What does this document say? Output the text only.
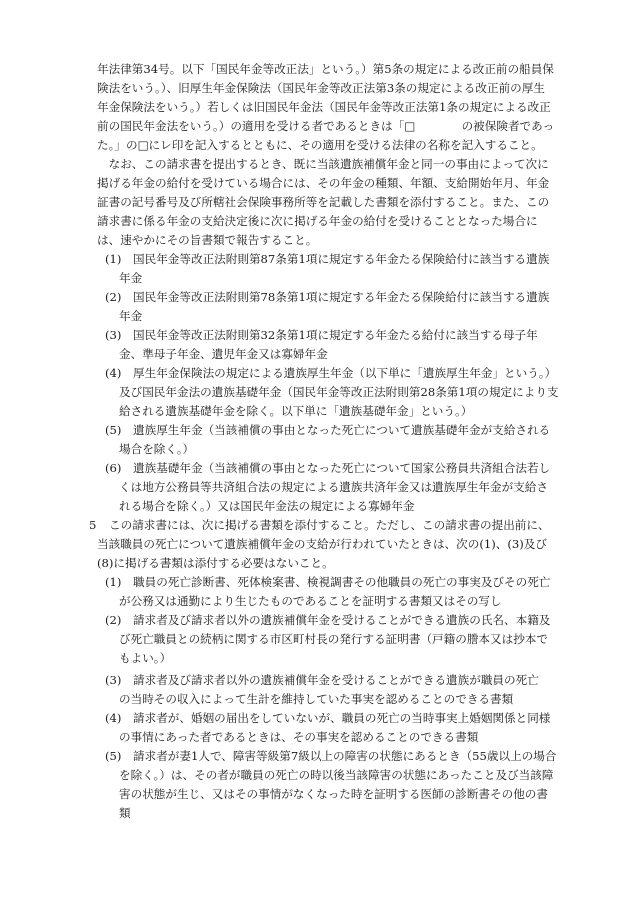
年法律第34号。以下「国民年金等改正法」という。）第5条の規定による改正前の船員保

険法をいう。）、旧厚生年金保険法（国民年金等改正法第3条の規定による改正前の厚生

年金保険法をいう。）若しくは旧国民年金法（国民年金等改正法第1条の規定による改正

前の国民年金法をいう。）の適用を受ける者であるときは「□　　　　の被保険者であっ

た。」の□にレ印を記入するとともに、その適用を受ける法律の名称を記入すること。

　なお、この請求書を提出するとき、既に当該遺族補償年金と同一の事由によって次に

掲げる年金の給付を受けている場合には、その年金の種類、年額、支給開始年月、年金

証書の記号番号及び所轄社会保険事務所等を記載した書類を添付すること。また、この

請求書に係る年金の支給決定後に次に掲げる年金の給付を受けることとなった場合に

は、速やかにその旨書類で報告すること。

(1) 国民年金等改正法附則第87条第1項に規定する年金たる保険給付に該当する遺族

年金

(2) 国民年金等改正法附則第78条第1項に規定する年金たる保険給付に該当する遺族

年金

(3) 国民年金等改正法附則第32条第1項に規定する年金たる給付に該当する母子年

金、準母子年金、遺児年金又は寡婦年金

(4) 厚生年金保険法の規定による遺族厚生年金（以下単に「遺族厚生年金」という。）

及び国民年金法の遺族基礎年金（国民年金等改正法附則第28条第1項の規定により支

給される遺族基礎年金を除く。以下単に「遺族基礎年金」という。）

(5) 遺族厚生年金（当該補償の事由となった死亡について遺族基礎年金が支給される

場合を除く。）

(6) 遺族基礎年金（当該補償の事由となった死亡について国家公務員共済組合法若し

くは地方公務員等共済組合法の規定による遺族共済年金又は遺族厚生年金が支給さ

れる場合を除く。）又は国民年金法の規定による寡婦年金

5	この請求書には、次に掲げる書類を添付すること。ただし、この請求書の提出前に、

当該職員の死亡について遺族補償年金の支給が行われていたときは、次の(1)、(3)及び

(8)に掲げる書類は添付する必要はないこと。

(1) 職員の死亡診断書、死体検案書、検視調書その他職員の死亡の事実及びその死亡

が公務又は通勤により生じたものであることを証明する書類又はその写し

(2) 請求者及び請求者以外の遺族補償年金を受けることができる遺族の氏名、本籍及

び死亡職員との続柄に関する市区町村長の発行する証明書（戸籍の謄本又は抄本で

もよい。）

(3) 請求者及び請求者以外の遺族補償年金を受けることができる遺族が職員の死亡

の当時その収入によって生計を維持していた事実を認めることのできる書類

(4) 請求者が、婚姻の届出をしていないが、職員の死亡の当時事実上婚姻関係と同様

の事情にあった者であるときは、その事実を認めることのできる書類

(5) 請求者が妻1人で、障害等級第7級以上の障害の状態にあるとき（55歳以上の場合

を除く。）は、その者が職員の死亡の時以後当該障害の状態にあったこと及び当該障

害の状態が生じ、又はその事情がなくなった時を証明する医師の診断書その他の書

類
